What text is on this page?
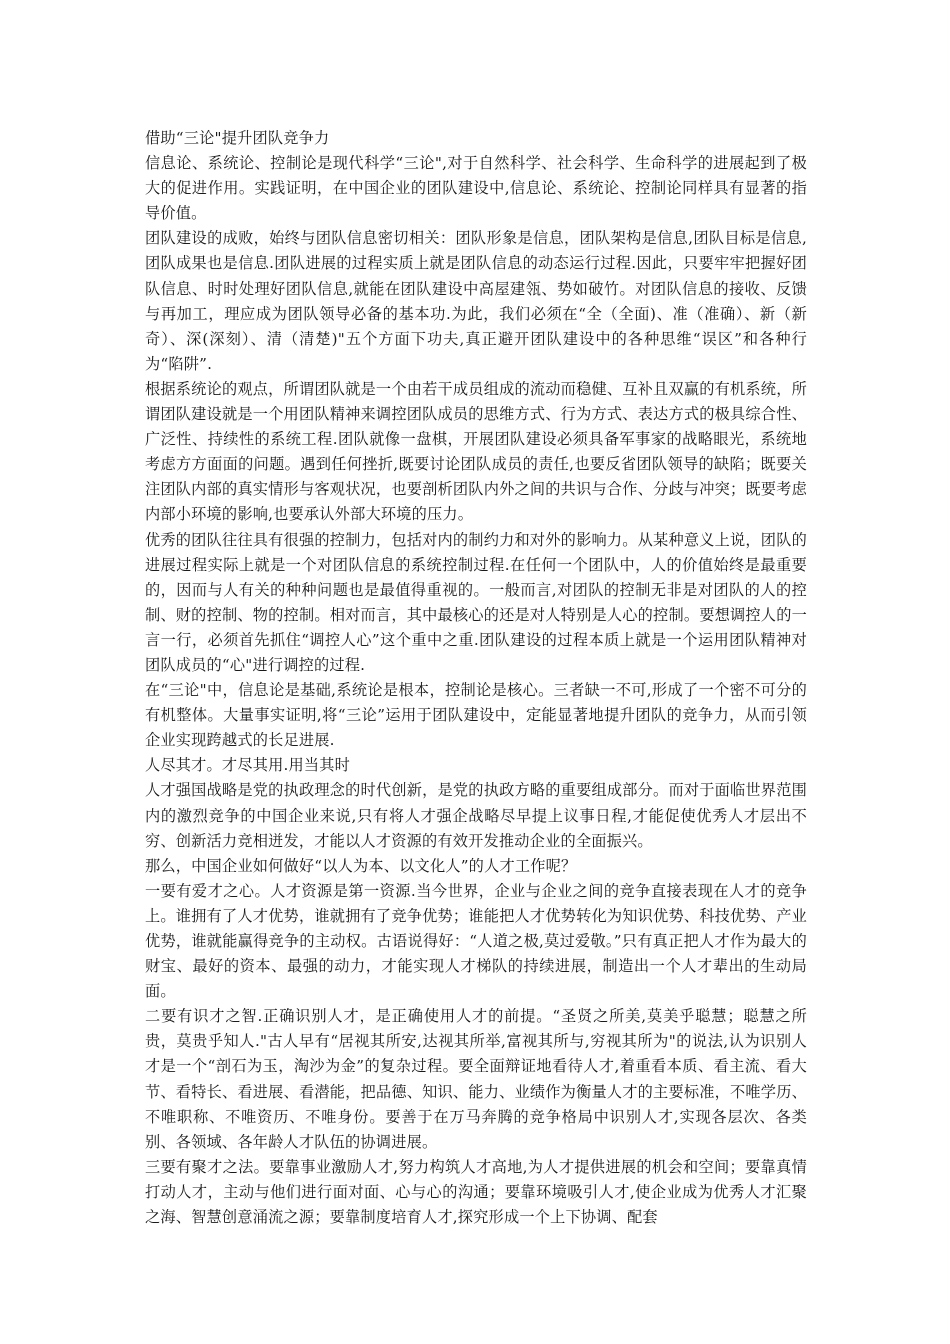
借助“三论"提升团队竞争力

信息论、系统论、控制论是现代科学“三论",对于自然科学、社会科学、生命科学的进展起到了极大的促进作用。实践证明，在中国企业的团队建设中,信息论、系统论、控制论同样具有显著的指导价值。

团队建设的成败，始终与团队信息密切相关：团队形象是信息，团队架构是信息,团队目标是信息,团队成果也是信息.团队进展的过程实质上就是团队信息的动态运行过程.因此，只要牢牢把握好团队信息、时时处理好团队信息,就能在团队建设中高屋建瓴、势如破竹。对团队信息的接收、反馈与再加工，理应成为团队领导必备的基本功.为此，我们必须在“全（全面)、准（准确）、新（新奇）、深(深刻）、清（清楚)"五个方面下功夫,真正避开团队建设中的各种思维“误区”和各种行为“陷阱”.

根据系统论的观点，所谓团队就是一个由若干成员组成的流动而稳健、互补且双赢的有机系统，所谓团队建设就是一个用团队精神来调控团队成员的思维方式、行为方式、表达方式的极具综合性、广泛性、持续性的系统工程.团队就像一盘棋，开展团队建设必须具备军事家的战略眼光，系统地考虑方方面面的问题。遇到任何挫折,既要讨论团队成员的责任,也要反省团队领导的缺陷；既要关注团队内部的真实情形与客观状况，也要剖析团队内外之间的共识与合作、分歧与冲突；既要考虑内部小环境的影响,也要承认外部大环境的压力。

优秀的团队往往具有很强的控制力，包括对内的制约力和对外的影响力。从某种意义上说，团队的进展过程实际上就是一个对团队信息的系统控制过程.在任何一个团队中，人的价值始终是最重要的，因而与人有关的种种问题也是最值得重视的。一般而言,对团队的控制无非是对团队的人的控制、财的控制、物的控制。相对而言，其中最核心的还是对人特别是人心的控制。要想调控人的一言一行，必须首先抓住“调控人心”这个重中之重.团队建设的过程本质上就是一个运用团队精神对团队成员的“心"进行调控的过程.

在“三论"中，信息论是基础,系统论是根本，控制论是核心。三者缺一不可,形成了一个密不可分的有机整体。大量事实证明,将“三论”运用于团队建设中，定能显著地提升团队的竞争力，从而引领企业实现跨越式的长足进展.

人尽其才。才尽其用.用当其时

人才强国战略是党的执政理念的时代创新，是党的执政方略的重要组成部分。而对于面临世界范围内的激烈竞争的中国企业来说,只有将人才强企战略尽早提上议事日程,才能促使优秀人才层出不穷、创新活力竞相迸发，才能以人才资源的有效开发推动企业的全面振兴。

那么，中国企业如何做好“以人为本、以文化人”的人才工作呢？

一要有爱才之心。人才资源是第一资源.当今世界，企业与企业之间的竞争直接表现在人才的竞争上。谁拥有了人才优势，谁就拥有了竞争优势；谁能把人才优势转化为知识优势、科技优势、产业优势，谁就能赢得竞争的主动权。古语说得好：“人道之极,莫过爱敬。”只有真正把人才作为最大的财宝、最好的资本、最强的动力，才能实现人才梯队的持续进展，制造出一个人才辈出的生动局面。

二要有识才之智.正确识别人才，是正确使用人才的前提。“圣贤之所美,莫美乎聪慧；聪慧之所贵，莫贵乎知人."古人早有“居视其所安,达视其所举,富视其所与,穷视其所为"的说法,认为识别人才是一个“剖石为玉，淘沙为金”的复杂过程。要全面辩证地看待人才,着重看本质、看主流、看大节、看特长、看进展、看潜能，把品德、知识、能力、业绩作为衡量人才的主要标准，不唯学历、不唯职称、不唯资历、不唯身份。要善于在万马奔腾的竞争格局中识别人才,实现各层次、各类别、各领域、各年龄人才队伍的协调进展。

三要有聚才之法。要靠事业激励人才,努力构筑人才高地,为人才提供进展的机会和空间；要靠真情打动人才，主动与他们进行面对面、心与心的沟通；要靠环境吸引人才,使企业成为优秀人才汇聚之海、智慧创意涌流之源；要靠制度培育人才,探究形成一个上下协调、配套
